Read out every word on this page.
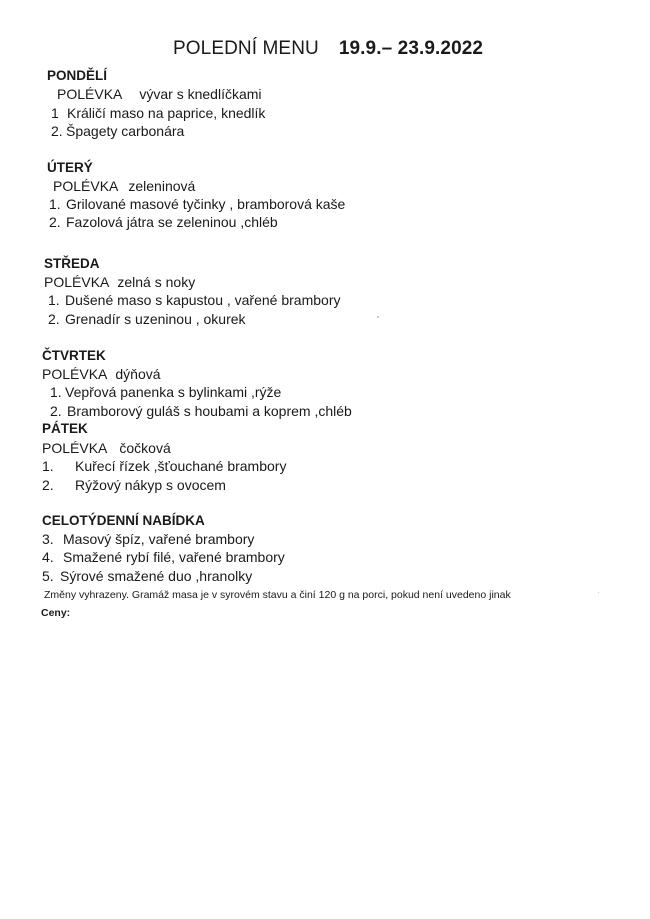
POLEDNÍ MENU 19.9.– 23.9.2022
PONDĚLÍ
POLÉVKA vývar s knedlíčkami
1 Králičí maso na paprice, knedlík
2. Špagety carbonára
ÚTERÝ
POLÉVKA zeleninová
1. Grilované masové tyčinky , bramborová kaše
2. Fazolová játra se zeleninou ,chléb
STŘEDA
POLÉVKA zelná s noky
1. Dušené maso s kapustou , vařené brambory
2. Grenadír s uzeninou , okurek
ČTVRTEK
POLÉVKA dýňová
1. Vepřová panenka s bylinkami ,rýže
2. Bramborový guláš s houbami a koprem ,chléb
PÁTEK
POLÉVKA čočková
1. Kuřecí řízek ,šťouchané brambory
2. Rýžový nákyp s ovocem
CELOTÝDENNÍ NABÍDKA
3. Masový špíz, vařené brambory
4. Smažené rybí filé, vařené brambory
5. Sýrové smažené duo ,hranolky
Změny vyhrazeny. Gramáž masa je v syrovém stavu a činí 120 g na porci, pokud není uvedeno jinak
Ceny:
